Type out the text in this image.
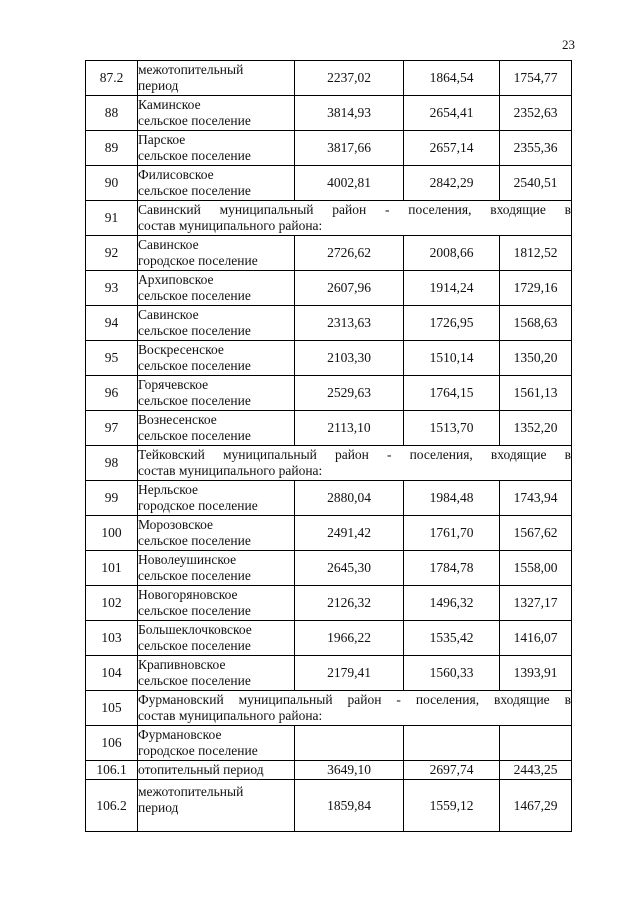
23
87.2	межотопительный
период	2237,02	1864,54	1754,77
88	Каминское
сельское поселение	3814,93	2654,41	2352,63
89	Парское
сельское поселение	3817,66	2657,14	2355,36
90	Филисовское
сельское поселение	4002,81	2842,29	2540,51
91	Савинский муниципальный район - поселения, входящие в
состав муниципального района:			

92	Савинское
городское поселение	2726,62	2008,66	1812,52
93	Архиповское
сельское поселение	2607,96	1914,24	1729,16
94	Савинское
сельское поселение	2313,63	1726,95	1568,63
95	Воскресенское
сельское поселение	2103,30	1510,14	1350,20
96	Горячевское
сельское поселение	2529,63	1764,15	1561,13
97	Вознесенское
сельское поселение	2113,10	1513,70	1352,20
98	Тейковский муниципальный район - поселения, входящие в
состав муниципального района:			

99	Нерльское
городское поселение	2880,04	1984,48	1743,94
100	Морозовское
сельское поселение	2491,42	1761,70	1567,62
101	Новолеушинское
сельское поселение	2645,30	1784,78	1558,00
102	Новогоряновское
сельское поселение	2126,32	1496,32	1327,17
103	Большеклочковское
сельское поселение	1966,22	1535,42	1416,07
104	Крапивновское
сельское поселение	2179,41	1560,33	1393,91
105	Фурмановский муниципальный район - поселения, входящие в
состав муниципального района:			

106	Фурмановское
городское поселение			

106.1	отопительный период	3649,10	2697,74	2443,25
106.2	межотопительный
период	1859,84	1559,12	1467,29
